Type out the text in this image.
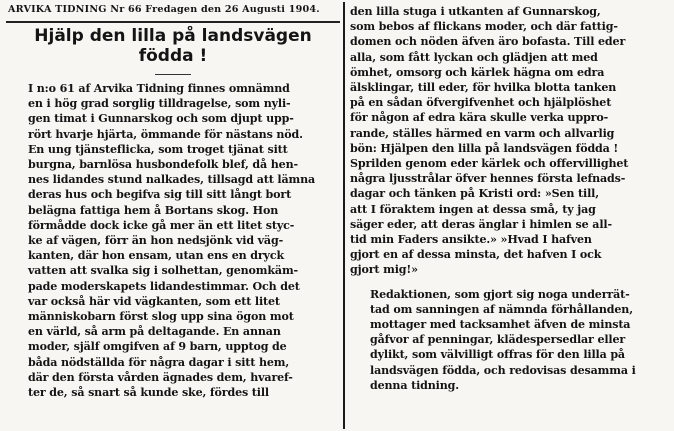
ARVIKA TIDNING Nr 66 Fredagen den 26 Augusti 1904.
Hjälp den lilla på landsvägen
födda !
I n:o 61 af Arvika Tidning finnes omnämnd
en i hög grad sorglig tilldragelse, som nyli-
gen timat i Gunnarskog och som djupt upp-
rört hvarje hjärta, ömmande för nästans nöd.
En ung tjänsteflicka, som troget tjänat sitt
burgna, barnlösa husbondefolk blef, då hen-
nes lidandes stund nalkades, tillsagd att lämna
deras hus och begifva sig till sitt långt bort
belägna fattiga hem å Bortans skog. Hon
förmådde dock icke gå mer än ett litet styc-
ke af vägen, förr än hon nedsjönk vid väg-
kanten, där hon ensam, utan ens en dryck
vatten att svalka sig i solhettan, genomkäm-
pade moderskapets lidandestimmar. Och det
var också här vid vägkanten, som ett litet
människobarn först slog upp sina ögon mot
en värld, så arm på deltagande. En annan
moder, själf omgifven af 9 barn, upptog de
båda nödställda för några dagar i sitt hem,
där den första vården ägnades dem, hvaref-
ter de, så snart så kunde ske, fördes till
den lilla stuga i utkanten af Gunnarskog,
som bebos af flickans moder, och där fattig-
domen och nöden äfven äro bofasta. Till eder
alla, som fått lyckan och glädjen att med
ömhet, omsorg och kärlek hägna om edra
älsklingar, till eder, för hvilka blotta tanken
på en sådan öfvergifvenhet och hjälplöshet
för någon af edra kära skulle verka uppro-
rande, ställes härmed en varm och allvarlig
bön: Hjälpen den lilla på landsvägen födda !
Sprilden genom eder kärlek och offervillighet
några ljusstrålar öfver hennes första lefnads-
dagar och tänken på Kristi ord: »Sen till,
att I föraktem ingen at dessa små, ty jag
säger eder, att deras änglar i himlen se all-
tid min Faders ansikte.» »Hvad I hafven
gjort en af dessa minsta, det hafven I ock
gjort mig!»
Redaktionen, som gjort sig noga underrät-
tad om sanningen af nämnda förhållanden,
mottager med tacksamhet äfven de minsta
gåfvor af penningar, klädespersedlar eller
dylikt, som välvilligt offras för den lilla på
landsvägen födda, och redovisas desamma i
denna tidning.
